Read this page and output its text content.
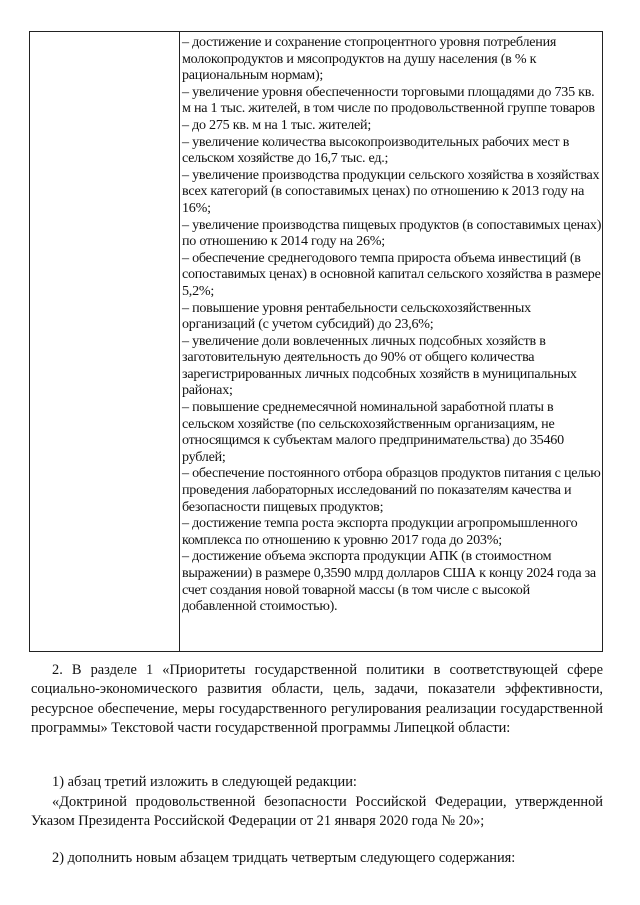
– достижение и сохранение стопроцентного уровня потребления молокопродуктов и мясопродуктов на душу населения (в % к рациональным нормам);

– увеличение уровня обеспеченности торговыми площадями до 735 кв. м на 1 тыс. жителей, в том числе по продовольственной группе товаров – до 275 кв. м на 1 тыс. жителей;

– увеличение количества высокопроизводительных рабочих мест в сельском хозяйстве до 16,7 тыс. ед.;

– увеличение производства продукции сельского хозяйства в хозяйствах всех категорий (в сопоставимых ценах) по отношению к 2013 году на 16%;

– увеличение производства пищевых продуктов (в сопоставимых ценах) по отношению к 2014 году на 26%;

– обеспечение среднегодового темпа прироста объема инвестиций (в сопоставимых ценах) в основной капитал сельского хозяйства в размере 5,2%;

– повышение уровня рентабельности сельскохозяйственных организаций (с учетом субсидий) до 23,6%;

– увеличение доли вовлеченных личных подсобных хозяйств в заготовительную деятельность до 90% от общего количества зарегистрированных личных подсобных хозяйств в муниципальных районах;

– повышение среднемесячной номинальной заработной платы в сельском хозяйстве (по сельскохозяйственным организациям, не относящимся к субъектам малого предпринимательства) до 35460 рублей;

– обеспечение постоянного отбора образцов продуктов питания с целью проведения лабораторных исследований по показателям качества и безопасности пищевых продуктов;

– достижение темпа роста экспорта продукции агропромышленного комплекса по отношению к уровню 2017 года до 203%;

– достижение объема экспорта продукции АПК (в стоимостном выражении) в размере 0,3590 млрд долларов США к концу 2024 года за счет создания новой товарной массы (в том числе с высокой добавленной стоимостью).

2. В разделе 1 «Приоритеты государственной политики в соответствующей сфере социально-экономического развития области, цель, задачи, показатели эффективности, ресурсное обеспечение, меры государственного регулирования реализации государственной программы» Текстовой части государственной программы Липецкой области:

1) абзац третий изложить в следующей редакции:

«Доктриной продовольственной безопасности Российской Федерации, утвержденной Указом Президента Российской Федерации от 21 января 2020 года № 20»;

2) дополнить новым абзацем тридцать четвертым следующего содержания:
